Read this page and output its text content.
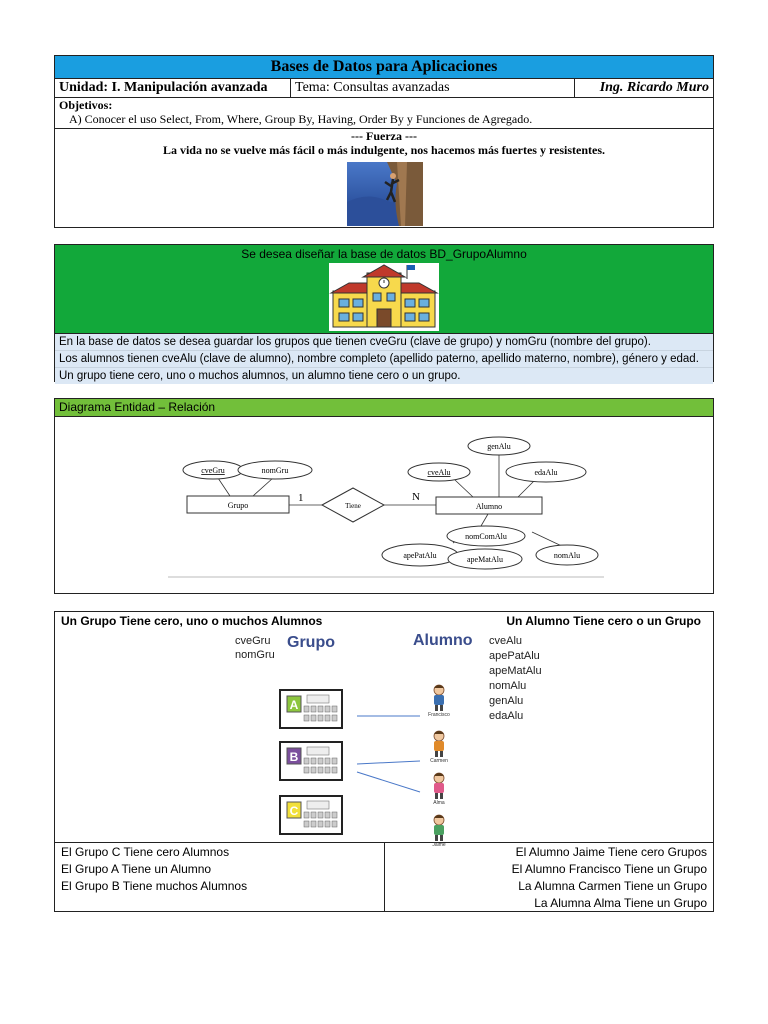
Bases de Datos para Aplicaciones
Unidad: I. Manipulación avanzada	Tema: Consultas avanzadas	Ing. Ricardo Muro
Objetivos:
A) Conocer el uso Select, From, Where, Group By, Having, Order By y Funciones de Agregado.
--- Fuerza ---
La vida no se vuelve más fácil o más indulgente, nos hacemos más fuertes y resistentes.
Se desea diseñar la base de datos BD_GrupoAlumno
En la base de datos se desea guardar los grupos que tienen cveGru (clave de grupo) y nomGru (nombre del grupo).
Los alumnos tienen cveAlu (clave de alumno), nombre completo (apellido paterno, apellido materno, nombre), género y edad.
Un grupo tiene cero, uno o muchos alumnos, un alumno tiene cero o un grupo.
Diagrama Entidad – Relación
Grupo	Alumno
Tiene
1	N
cveGru	nomGru
genAlu
cveAlu	edaAlu
nomComAlu
apePatAlu	apeMatAlu	nomAlu
Un Grupo Tiene cero, uno o muchos Alumnos	Un Alumno Tiene cero o un Grupo
cveGru
nomGru
Grupo	Alumno cveAlu
apePatAlu
apeMatAlu
nomAlu
genAlu
edaAlu
A
B
C
Francisco
Carmen
Alma
Jaime
El Grupo C Tiene cero Alumnos
El Grupo A Tiene un Alumno
El Grupo B Tiene muchos Alumnos
El Alumno Jaime Tiene cero Grupos
El Alumno Francisco Tiene un Grupo
La Alumna Carmen Tiene un Grupo
La Alumna Alma Tiene un Grupo
